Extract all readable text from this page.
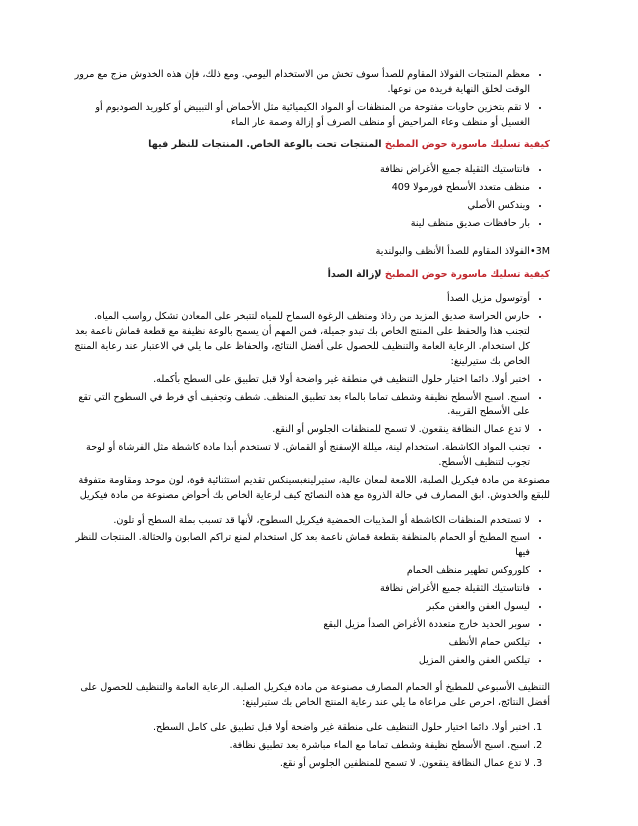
• معظم المنتجات الفولاذ المقاوم للصدأ سوف تخش من الاستخدام اليومي. ومع ذلك، فإن هذه الخدوش مزج مع مرور الوقت لخلق النهاية فريدة من نوعها.
• لا تقم بتخزين حاويات مفتوحة من المنظفات أو المواد الكيميائية مثل الأحماض أو التبييض أو كلوريد الصوديوم أو الغسيل أو منظف وعاء المراحيض أو منظف الصرف أو إزالة وصمة عار الماء
كيفية تسليك ماسورة حوض المطبخ المنتجات تحت بالوعة الخاص. المنتجات للنظر فيها
• فانتاستيك الثقيلة جميع الأغراض نظافة
• منظف متعدد الأسطح فورمولا 409
• ويندكس الأصلي
• بار حافظات صديق منظف لينة

3M•الفولاذ المقاوم للصدأ الأنظف والبولندية

كيفية تسليك ماسورة حوض المطبخ لإزالة الصدأ
• أوتوسول مزيل الصدأ
• حارس الحراسة صديق المزيد من رذاذ ومنظف الرغوة السماح للمياه لتتبخر على المعادن تشكل رواسب المياه. لتجنب هذا والحفظ على المنتج الخاص بك تبدو جميلة، فمن المهم أن يسمح بالوعة نظيفة مع قطعة قماش ناعمة بعد كل استخدام. الرعاية العامة والتنظيف للحصول على أفضل النتائج، والحفاظ على ما يلي في الاعتبار عند رعاية المنتج الخاص بك ستيرلينغ:
• اختبر أولا. دائما اختيار حلول التنظيف في منطقة غير واضحة أولا قبل تطبيق على السطح بأكمله.
• اسبح. اسبح الأسطح نظيفة وشطف تماما بالماء بعد تطبيق المنظف. شطف وتجفيف أي فرط في السطوح التي تقع على الأسطح القريبة.
• لا تدع عمال النظافة ينقعون. لا تسمح للمنظفات الجلوس أو النقع.
• تجنب المواد الكاشطة. استخدام لينة، ميللة الإسفنج أو القماش. لا تستخدم أبدا مادة كاشطة مثل الفرشاة أو لوحة تجوب لتنظيف الأسطح.

مصنوعة من مادة فيكريل الصلبة، اللامعة لمعان عالية، ستيرلينغبسينكس تقديم استثنائية قوة، لون موحد ومقاومة متفوقة للبقع والخدوش. ابق المصارف في حالة الذروة مع هذه النصائح كيف لرعاية الخاص بك أحواض مصنوعة من مادة فيكريل

• لا تستخدم المنظفات الكاشطة أو المذيبات الحمضية فيكريل السطوح، لأنها قد تسبب بملة السطح أو تلون.
• اسبح المطبخ أو الحمام بالمنظفة بقطعة قماش ناعمة بعد كل استخدام لمنع تراكم الصابون والحثالة. المنتجات للنظر فيها
• كلوروكس تطهير منظف الحمام
• فانتاستيك الثقيلة جميع الأغراض نظافة
• ليسول العفن والعفن مكبر
• سوبر الحديد خارج متعددة الأغراض الصدأ مزيل البقع
• تيلكس حمام الأنظف
• تيلكس العفن والعفن المزيل

التنظيف الأسبوعي للمطبخ أو الحمام المصارف مصنوعة من مادة فيكريل الصلبة. الرعاية العامة والتنظيف للحصول على أفضل النتائج، احرص على مراعاة ما يلي عند رعاية المنتج الخاص بك ستيرلينغ:

1. اختبر أولا. دائما اختيار حلول التنظيف على منطقة غير واضحة أولا قبل تطبيق على كامل السطح.
2. اسبح. اسبح الأسطح نظيفة وشطف تماما مع الماء مباشرة بعد تطبيق نظافة.
3. لا تدع عمال النظافة ينقعون. لا تسمح للمنظفين الجلوس أو نقع.
